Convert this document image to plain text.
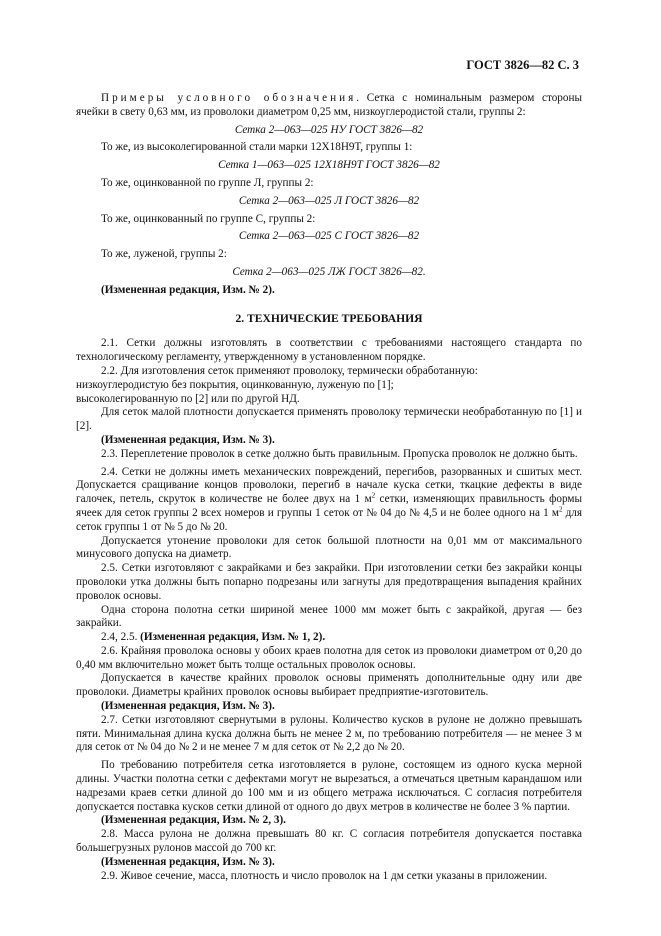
ГОСТ 3826—82 С. 3

Примеры условного обозначения. Сетка с номинальным размером стороны ячейки в свету 0,63 мм, из проволоки диаметром 0,25 мм, низкоуглеродистой стали, группы 2:

Сетка 2—063—025 НУ ГОСТ 3826—82

То же, из высоколегированной стали марки 12Х18Н9Т, группы 1:

Сетка 1—063—025 12Х18Н9Т ГОСТ 3826—82

То же, оцинкованной по группе Л, группы 2:

Сетка 2—063—025 Л ГОСТ 3826—82

То же, оцинкованный по группе С, группы 2:

Сетка 2—063—025 С ГОСТ 3826—82

То же, луженой, группы 2:

Сетка 2—063—025 ЛЖ ГОСТ 3826—82.

(Измененная редакция, Изм. № 2).

2. ТЕХНИЧЕСКИЕ ТРЕБОВАНИЯ

2.1. Сетки должны изготовлять в соответствии с требованиями настоящего стандарта по технологическому регламенту, утвержденному в установленном порядке.

2.2. Для изготовления сеток применяют проволоку, термически обработанную:

низкоуглеродистую без покрытия, оцинкованную, луженую по [1];

высоколегированную по [2] или по другой НД.

Для сеток малой плотности допускается применять проволоку термически необработанную по [1] и [2].

(Измененная редакция, Изм. № 3).

2.3. Переплетение проволок в сетке должно быть правильным. Пропуска проволок не должно быть.

2.4. Сетки не должны иметь механических повреждений, перегибов, разорванных и сшитых мест. Допускается сращивание концов проволоки, перегиб в начале куска сетки, ткацкие дефекты в виде галочек, петель, скруток в количестве не более двух на 1 $м^2$ сетки, изменяющих правильность формы ячеек для сеток группы 2 всех номеров и группы 1 сеток от № 04 до № 4,5 и не более одного на 1 $м^2$ для сеток группы 1 от № 5 до № 20.

Допускается утонение проволоки для сеток большой плотности на 0,01 мм от максимального минусового допуска на диаметр.

2.5. Сетки изготовляют с закрайками и без закрайки. При изготовлении сетки без закрайки концы проволоки утка должны быть попарно подрезаны или загнуты для предотвращения выпадения крайних проволок основы.

Одна сторона полотна сетки шириной менее 1000 мм может быть с закрайкой, другая — без закрайки.

2.4, 2.5. (Измененная редакция, Изм. № 1, 2).

2.6. Крайняя проволока основы у обоих краев полотна для сеток из проволоки диаметром от 0,20 до 0,40 мм включительно может быть толще остальных проволок основы.

Допускается в качестве крайних проволок основы применять дополнительные одну или две проволоки. Диаметры крайних проволок основы выбирает предприятие-изготовитель.

(Измененная редакция, Изм. № 3).

2.7. Сетки изготовляют свернутыми в рулоны. Количество кусков в рулоне не должно превышать пяти. Минимальная длина куска должна быть не менее 2 м, по требованию потребителя — не менее 3 м для сеток от № 04 до № 2 и не менее 7 м для сеток от № 2,2 до № 20.

По требованию потребителя сетка изготовляется в рулоне, состоящем из одного куска мерной длины. Участки полотна сетки с дефектами могут не вырезаться, а отмечаться цветным карандашом или надрезами краев сетки длиной до 100 мм и из общего метража исключаться. С согласия потребителя допускается поставка кусков сетки длиной от одного до двух метров в количестве не более 3 % партии.

(Измененная редакция, Изм. № 2, 3).

2.8. Масса рулона не должна превышать 80 кг. С согласия потребителя допускается поставка большегрузных рулонов массой до 700 кг.

(Измененная редакция, Изм. № 3).

2.9. Живое сечение, масса, плотность и число проволок на 1 дм сетки указаны в приложении.
